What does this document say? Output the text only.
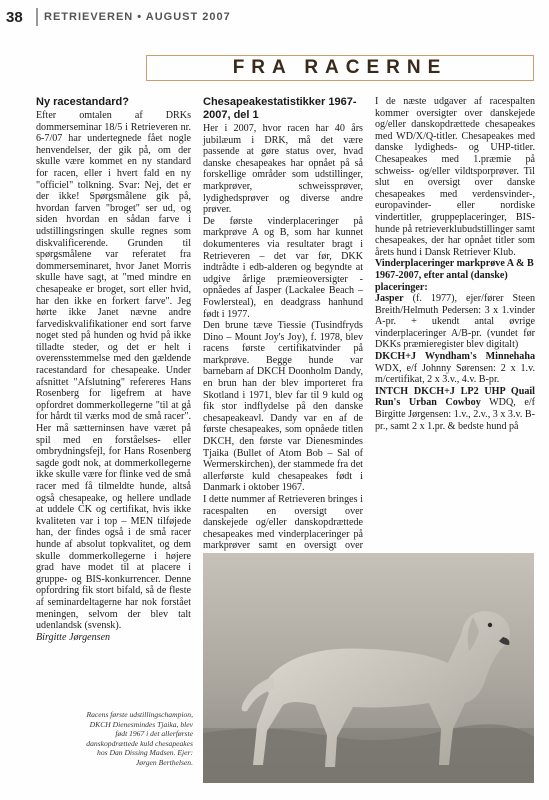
38	RETRIEVEREN • AUGUST 2007
FRA RACERNE
Ny racestandard?

Efter omtalen af DRKs dommerseminar 18/5 i Retrieveren nr. 6-7/07 har undertegnede fået nogle henvendelser, der gik på, om der skulle være kommet en ny standard for racen, eller i hvert fald en ny "officiel" tolkning. Svar: Nej, det er der ikke! Spørgsmålene gik på, hvordan farven "broget" ser ud, og siden hvordan en sådan farve i udstillingsringen skulle regnes som diskvalificerende. Grunden til spørgsmålene var referatet fra dommerseminaret, hvor Janet Morris skulle have sagt, at "med mindre en chesapeake er broget, sort eller hvid, har den ikke en forkert farve". Jeg hørte ikke Janet nævne andre farvediskvalifikationer end sort farve noget sted på hunden og hvid på ikke tilladte steder, og det er helt i overensstemmelse med den gældende racestandard for chesapeake. Under afsnittet "Afslutning" refereres Hans Rosenberg for ligefrem at have opfordret dommerkollegerne "til at gå for hårdt til værks mod de små racer". Her må sætterninsen have været på spil med en forståelses- eller ombrydningsfejl, for Hans Rosenberg sagde godt nok, at dommerkollegerne ikke skulle være for flinke ved de små racer med få tilmeldte hunde, altså også chesapeake, og hellere undlade at uddele CK og certifikat, hvis ikke kvaliteten var i top – MEN tilføjede han, der findes også i de små racer hunde af absolut topkvalitet, og dem skulle dommerkollegerne i højere grad have modet til at placere i gruppe- og BIS-konkurrencer. Denne opfordring fik stort bifald, så de fleste af seminardeltagerne har nok forstået meningen, selvom der blev talt udenlandsk (svensk).

Birgitte Jørgensen

Chesapeakestatistikker 1967-2007, del 1

Her i 2007, hvor racen har 40 års jubilæum i DRK, må det være passende at gøre status over, hvad danske chesapeakes har opnået på så forskellige områder som udstillinger, markprøver, schweissprøver, lydighedsprøver og diverse andre prøver.

De første vinderplaceringer på markprøve A og B, som har kunnet dokumenteres via resultater bragt i Retrieveren – det var før, DKK indtrådte i edb-alderen og begyndte at udgive årlige præmieoversigter - opnåedes af Jasper (Lackalee Beach – Fowlersteal), en deadgrass hanhund født i 1977.

Den brune tæve Tiessie (Tusindfryds Dino – Mount Joy's Joy), f. 1978, blev racens første certifikatvinder på markprøve. Begge hunde var barnebarn af DKCH Doonholm Dandy, en brun han der blev importeret fra Skotland i 1971, blev far til 9 kuld og fik stor indflydelse på den danske chesapeakeavl. Dandy var en af de første chesapeakes, som opnåede titlen DKCH, den første var Dienesmindes Tjaika (Bullet of Atom Bob – Sal of Wermerskirchen), der stammede fra det allerførste kuld chesapeakes født i Danmark i oktober 1967.

I dette nummer af Retrieveren bringes i racespalten en oversigt over danskejede og/eller danskopdrættede chesapeakes med vinderplaceringer på markprøver samt en oversigt over

I de næste udgaver af racespalten kommer oversigter over danskejede og/eller danskopdrættede chesapeakes med WD/X/Q-titler. Chesapeakes med danske lydigheds- og UHP-titler. Chesapeakes med 1.præmie på schweiss- og/eller vildtsporprøver. Til slut en oversigt over danske chesapeakes med verdensvinder-, europavinder- eller nordiske vindertitler, gruppeplaceringer, BIS-hunde på retrieverklubudstillinger samt chesapeakes, der har opnået titler som årets hund i Dansk Retriever Klub.

Vinderplaceringer markprøve A & B 1967-2007, efter antal (danske) placeringer:

Jasper (f. 1977), ejer/fører Steen Breith/Helmuth Pedersen: 3 x 1.vinder A-pr. + ukendt antal øvrige vinderplaceringer A/B-pr. (vundet før DKKs præmieregister blev digitalt)

DKCH+J Wyndham's Minnehaha WDX, e/f Johnny Sørensen: 2 x 1.v. m/certifikat, 2 x 3.v., 4.v. B-pr.

INTCH DKCH+J LP2 UHP Quail Run's Urban Cowboy WDQ, e/f Birgitte Jørgensen: 1.v., 2.v., 3 x 3.v. B-pr., samt 2 x 1.pr. & bedste hund på

Racens første udstillingschampion, DKCH Dienesmindes Tjaika, blev født 1967 i det allerførste danskopdrættede kuld chesapeakes hos Dan Dissing Madsen. Ejer: Jørgen Berthelsen.
